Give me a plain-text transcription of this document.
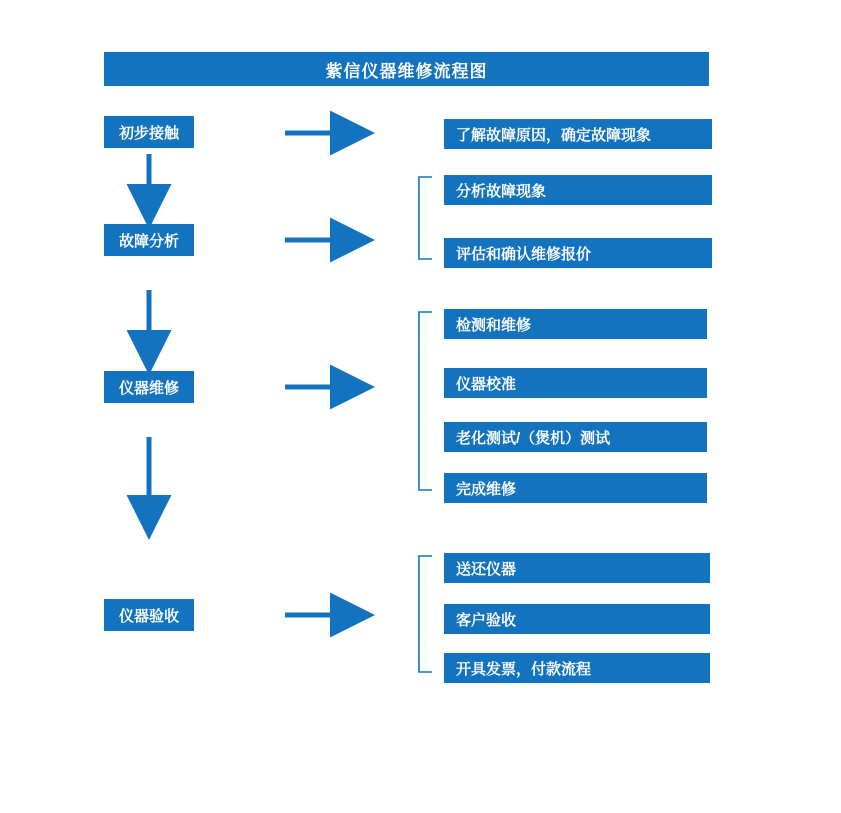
紫信仪器维修流程图
初步接触
故障分析
仪器维修
仪器验收
了解故障原因，确定故障现象
分析故障现象
评估和确认维修报价
检测和维修
仪器校准
老化测试/（煲机）测试
完成维修
送还仪器
客户验收
开具发票，付款流程
